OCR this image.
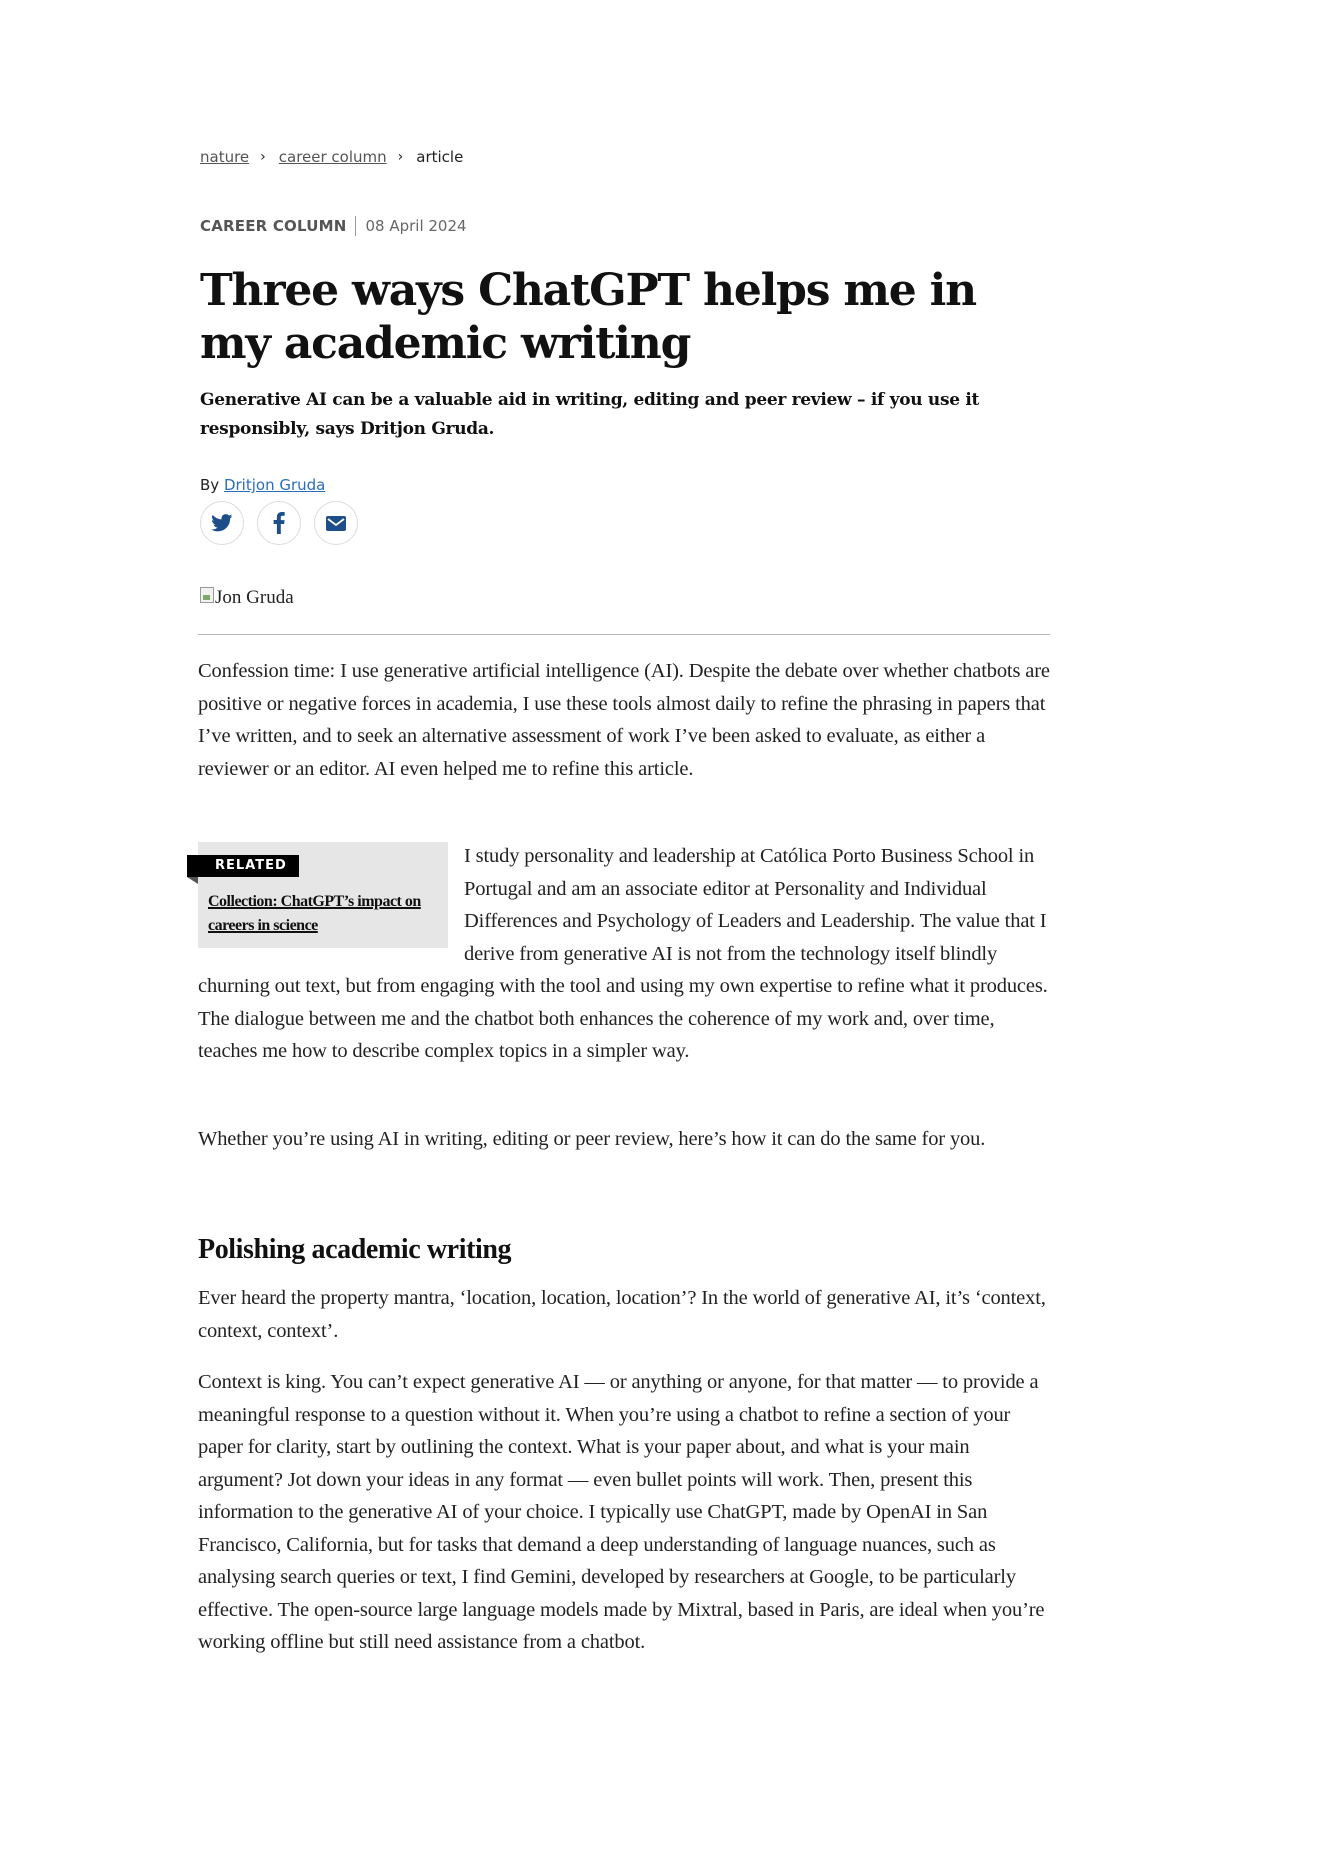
nature › career column › article
CAREER COLUMN 08 April 2024
Three ways ChatGPT helps me in my academic writing

Generative AI can be a valuable aid in writing, editing and peer review – if you use it responsibly, says Dritjon Gruda.

By Dritjon Gruda
Jon Gruda

Confession time: I use generative artificial intelligence (AI). Despite the debate over whether chatbots are positive or negative forces in academia, I use these tools almost daily to refine the phrasing in papers that I’ve written, and to seek an alternative assessment of work I’ve been asked to evaluate, as either a reviewer or an editor. AI even helped me to refine this article.

RELATED
Collection: ChatGPT’s impact on careers in science

I study personality and leadership at Católica Porto Business School in Portugal and am an associate editor at Personality and Individual Differences and Psychology of Leaders and Leadership. The value that I derive from generative AI is not from the technology itself blindly churning out text, but from engaging with the tool and using my own expertise to refine what it produces. The dialogue between me and the chatbot both enhances the coherence of my work and, over time, teaches me how to describe complex topics in a simpler way.

Whether you’re using AI in writing, editing or peer review, here’s how it can do the same for you.

Polishing academic writing

Ever heard the property mantra, ‘location, location, location’? In the world of generative AI, it’s ‘context, context, context’.

Context is king. You can’t expect generative AI — or anything or anyone, for that matter — to provide a meaningful response to a question without it. When you’re using a chatbot to refine a section of your paper for clarity, start by outlining the context. What is your paper about, and what is your main argument? Jot down your ideas in any format — even bullet points will work. Then, present this information to the generative AI of your choice. I typically use ChatGPT, made by OpenAI in San Francisco, California, but for tasks that demand a deep understanding of language nuances, such as analysing search queries or text, I find Gemini, developed by researchers at Google, to be particularly effective. The open-source large language models made by Mixtral, based in Paris, are ideal when you’re working offline but still need assistance from a chatbot.
